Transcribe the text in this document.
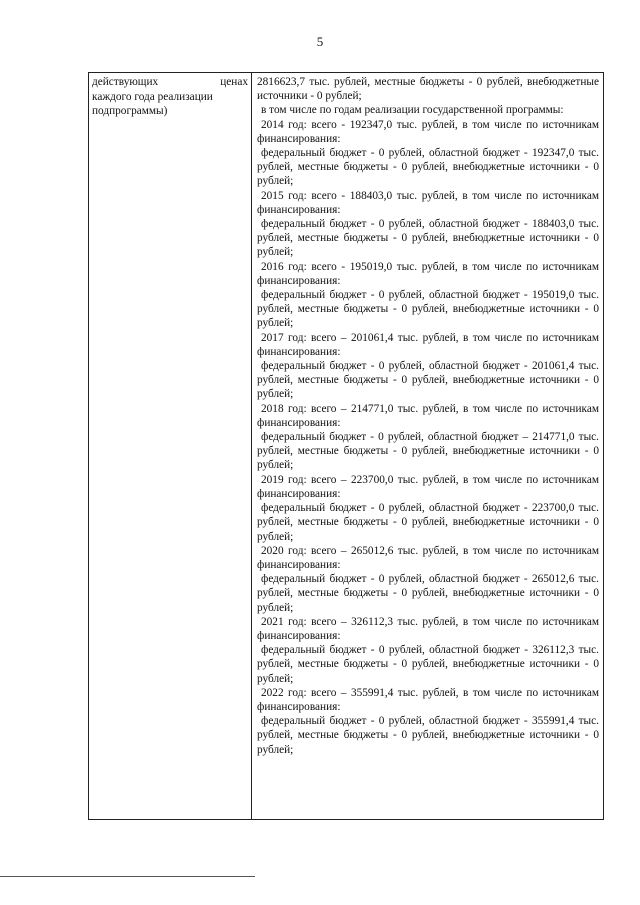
5
действующих ценах
каждого года реализации
подпрограммы)

2816623,7 тыс. рублей, местные бюджеты - 0 рублей, внебюджетные источники - 0 рублей;

в том числе по годам реализации государственной программы:

2014 год: всего - 192347,0 тыс. рублей, в том числе по источникам финансирования:

федеральный бюджет - 0 рублей, областной бюджет - 192347,0 тыс. рублей, местные бюджеты - 0 рублей, внебюджетные источники - 0 рублей;

2015 год: всего - 188403,0 тыс. рублей, в том числе по источникам финансирования:

федеральный бюджет - 0 рублей, областной бюджет - 188403,0 тыс. рублей, местные бюджеты - 0 рублей, внебюджетные источники - 0 рублей;

2016 год: всего - 195019,0 тыс. рублей, в том числе по источникам финансирования:

федеральный бюджет - 0 рублей, областной бюджет - 195019,0 тыс. рублей, местные бюджеты - 0 рублей, внебюджетные источники - 0 рублей;

2017 год: всего – 201061,4 тыс. рублей, в том числе по источникам финансирования:

федеральный бюджет - 0 рублей, областной бюджет - 201061,4 тыс. рублей, местные бюджеты - 0 рублей, внебюджетные источники - 0 рублей;

2018 год: всего – 214771,0 тыс. рублей, в том числе по источникам финансирования:

федеральный бюджет - 0 рублей, областной бюджет – 214771,0 тыс. рублей, местные бюджеты - 0 рублей, внебюджетные источники - 0 рублей;

2019 год: всего – 223700,0 тыс. рублей, в том числе по источникам финансирования:

федеральный бюджет - 0 рублей, областной бюджет - 223700,0 тыс. рублей, местные бюджеты - 0 рублей, внебюджетные источники - 0 рублей;

2020 год: всего – 265012,6 тыс. рублей, в том числе по источникам финансирования:

федеральный бюджет - 0 рублей, областной бюджет - 265012,6 тыс. рублей, местные бюджеты - 0 рублей, внебюджетные источники - 0 рублей;

2021 год: всего – 326112,3 тыс. рублей, в том числе по источникам финансирования:

федеральный бюджет - 0 рублей, областной бюджет - 326112,3 тыс. рублей, местные бюджеты - 0 рублей, внебюджетные источники - 0 рублей;

2022 год: всего – 355991,4 тыс. рублей, в том числе по источникам финансирования:

федеральный бюджет - 0 рублей, областной бюджет - 355991,4 тыс. рублей, местные бюджеты - 0 рублей, внебюджетные источники - 0 рублей;
